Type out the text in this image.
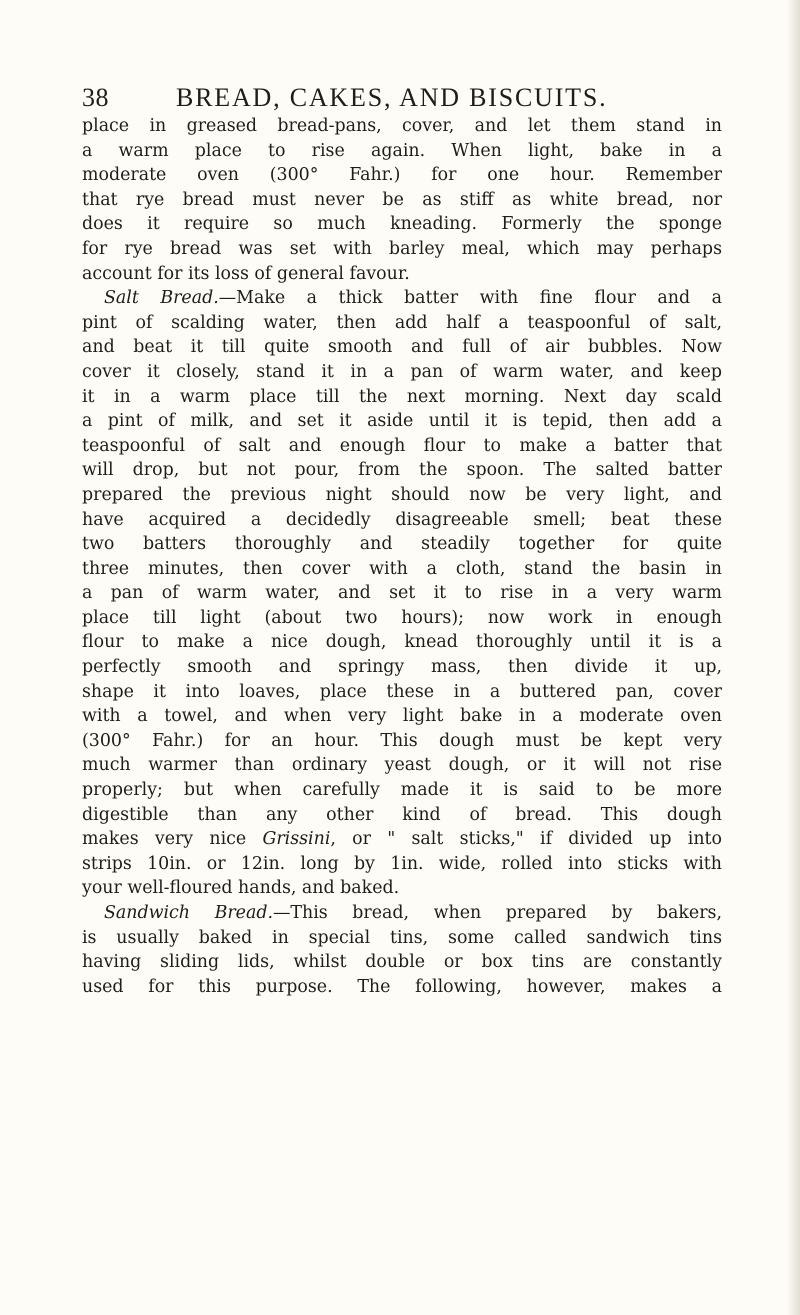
38	BREAD, CAKES, AND BISCUITS.
place in greased bread-pans, cover, and let them stand in
a warm place to rise again. When light, bake in a
moderate oven (300° Fahr.) for one hour. Remember
that rye bread must never be as stiff as white bread, nor
does it require so much kneading. Formerly the sponge
for rye bread was set with barley meal, which may perhaps
account for its loss of general favour.
Salt Bread.—Make a thick batter with fine flour and a
pint of scalding water, then add half a teaspoonful of salt,
and beat it till quite smooth and full of air bubbles. Now
cover it closely, stand it in a pan of warm water, and keep
it in a warm place till the next morning. Next day scald
a pint of milk, and set it aside until it is tepid, then add a
teaspoonful of salt and enough flour to make a batter that
will drop, but not pour, from the spoon. The salted batter
prepared the previous night should now be very light, and
have acquired a decidedly disagreeable smell; beat these
two batters thoroughly and steadily together for quite
three minutes, then cover with a cloth, stand the basin in
a pan of warm water, and set it to rise in a very warm
place till light (about two hours); now work in enough
flour to make a nice dough, knead thoroughly until it is a
perfectly smooth and springy mass, then divide it up,
shape it into loaves, place these in a buttered pan, cover
with a towel, and when very light bake in a moderate oven
(300° Fahr.) for an hour. This dough must be kept very
much warmer than ordinary yeast dough, or it will not rise
properly; but when carefully made it is said to be more
digestible than any other kind of bread. This dough
makes very nice Grissini, or " salt sticks," if divided up into
strips 10in. or 12in. long by 1in. wide, rolled into sticks with
your well-floured hands, and baked.
Sandwich Bread.—This bread, when prepared by bakers,
is usually baked in special tins, some called sandwich tins
having sliding lids, whilst double or box tins are constantly
used for this purpose. The following, however, makes a
